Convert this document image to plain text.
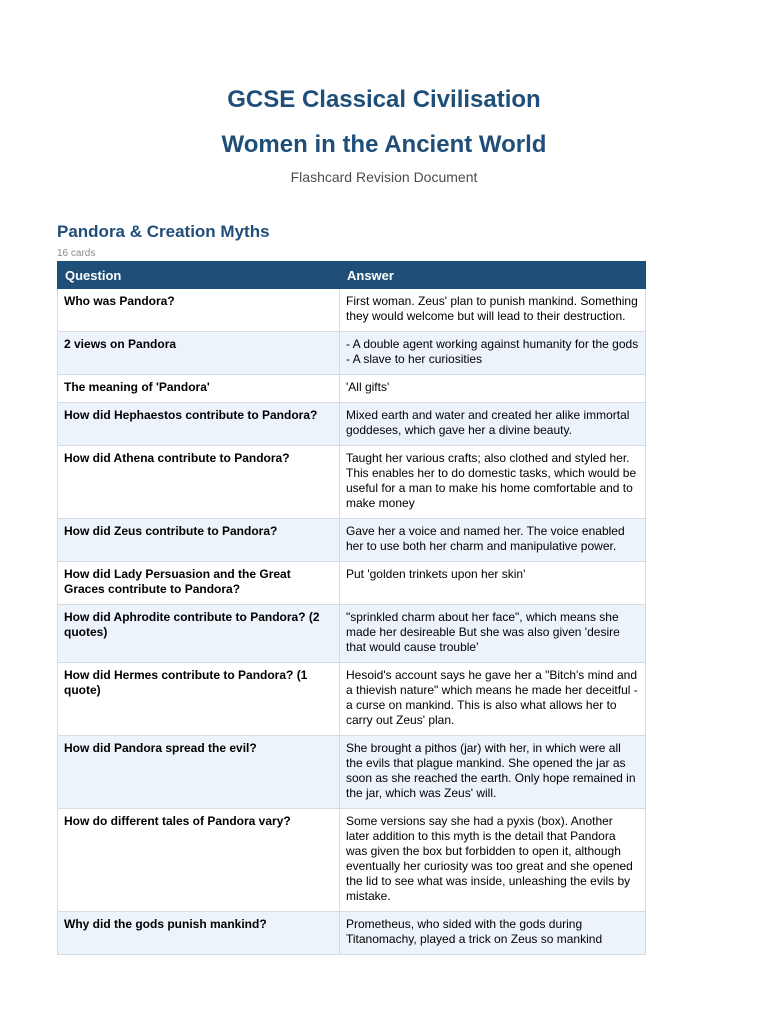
GCSE Classical Civilisation
Women in the Ancient World
Flashcard Revision Document
Pandora & Creation Myths
16 cards
Question	Answer
Who was Pandora?	First woman. Zeus' plan to punish mankind. Something they would welcome but will lead to their destruction.
2 views on Pandora	- A double agent working against humanity for the gods - A slave to her curiosities
The meaning of 'Pandora'	'All gifts'
How did Hephaestos contribute to Pandora?	Mixed earth and water and created her alike immortal goddeses, which gave her a divine beauty.
How did Athena contribute to Pandora?	Taught her various crafts; also clothed and styled her. This enables her to do domestic tasks, which would be useful for a man to make his home comfortable and to make money
How did Zeus contribute to Pandora?	Gave her a voice and named her. The voice enabled her to use both her charm and manipulative power.
How did Lady Persuasion and the Great Graces contribute to Pandora?	Put 'golden trinkets upon her skin'
How did Aphrodite contribute to Pandora? (2 quotes)	"sprinkled charm about her face", which means she made her desireable But she was also given 'desire that would cause trouble'
How did Hermes contribute to Pandora? (1 quote)	Hesoid's account says he gave her a "Bitch's mind and a thievish nature" which means he made her deceitful - a curse on mankind. This is also what allows her to carry out Zeus' plan.
How did Pandora spread the evil?	She brought a pithos (jar) with her, in which were all the evils that plague mankind. She opened the jar as soon as she reached the earth. Only hope remained in the jar, which was Zeus' will.
How do different tales of Pandora vary?	Some versions say she had a pyxis (box). Another later addition to this myth is the detail that Pandora was given the box but forbidden to open it, although eventually her curiosity was too great and she opened the lid to see what was inside, unleashing the evils by mistake.
Why did the gods punish mankind?	Prometheus, who sided with the gods during Titanomachy, played a trick on Zeus so mankind
